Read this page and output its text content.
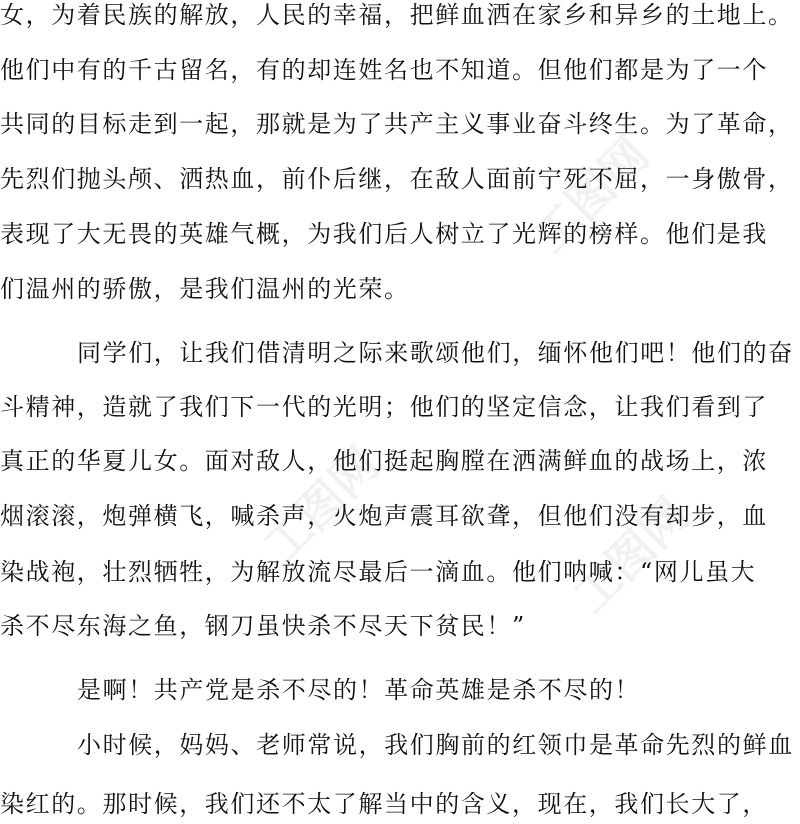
工图网
工图网	工图网
女，为着民族的解放，人民的幸福，把鲜血洒在家乡和异乡的土地上。
他们中有的千古留名，有的却连姓名也不知道。但他们都是为了一个
共同的目标走到一起，那就是为了共产主义事业奋斗终生。为了革命，
先烈们抛头颅、洒热血，前仆后继，在敌人面前宁死不屈，一身傲骨，
表现了大无畏的英雄气概，为我们后人树立了光辉的榜样。他们是我
们温州的骄傲，是我们温州的光荣。
同学们，让我们借清明之际来歌颂他们，缅怀他们吧！他们的奋
斗精神，造就了我们下一代的光明；他们的坚定信念，让我们看到了
真正的华夏儿女。面对敌人，他们挺起胸膛在洒满鲜血的战场上，浓
烟滚滚，炮弹横飞，喊杀声，火炮声震耳欲聋，但他们没有却步，血
染战袍，壮烈牺牲，为解放流尽最后一滴血。他们呐喊：“网儿虽大
杀不尽东海之鱼，钢刀虽快杀不尽天下贫民！”
是啊！共产党是杀不尽的！革命英雄是杀不尽的！
小时候，妈妈、老师常说，我们胸前的红领巾是革命先烈的鲜血
染红的。那时候，我们还不太了解当中的含义，现在，我们长大了，
